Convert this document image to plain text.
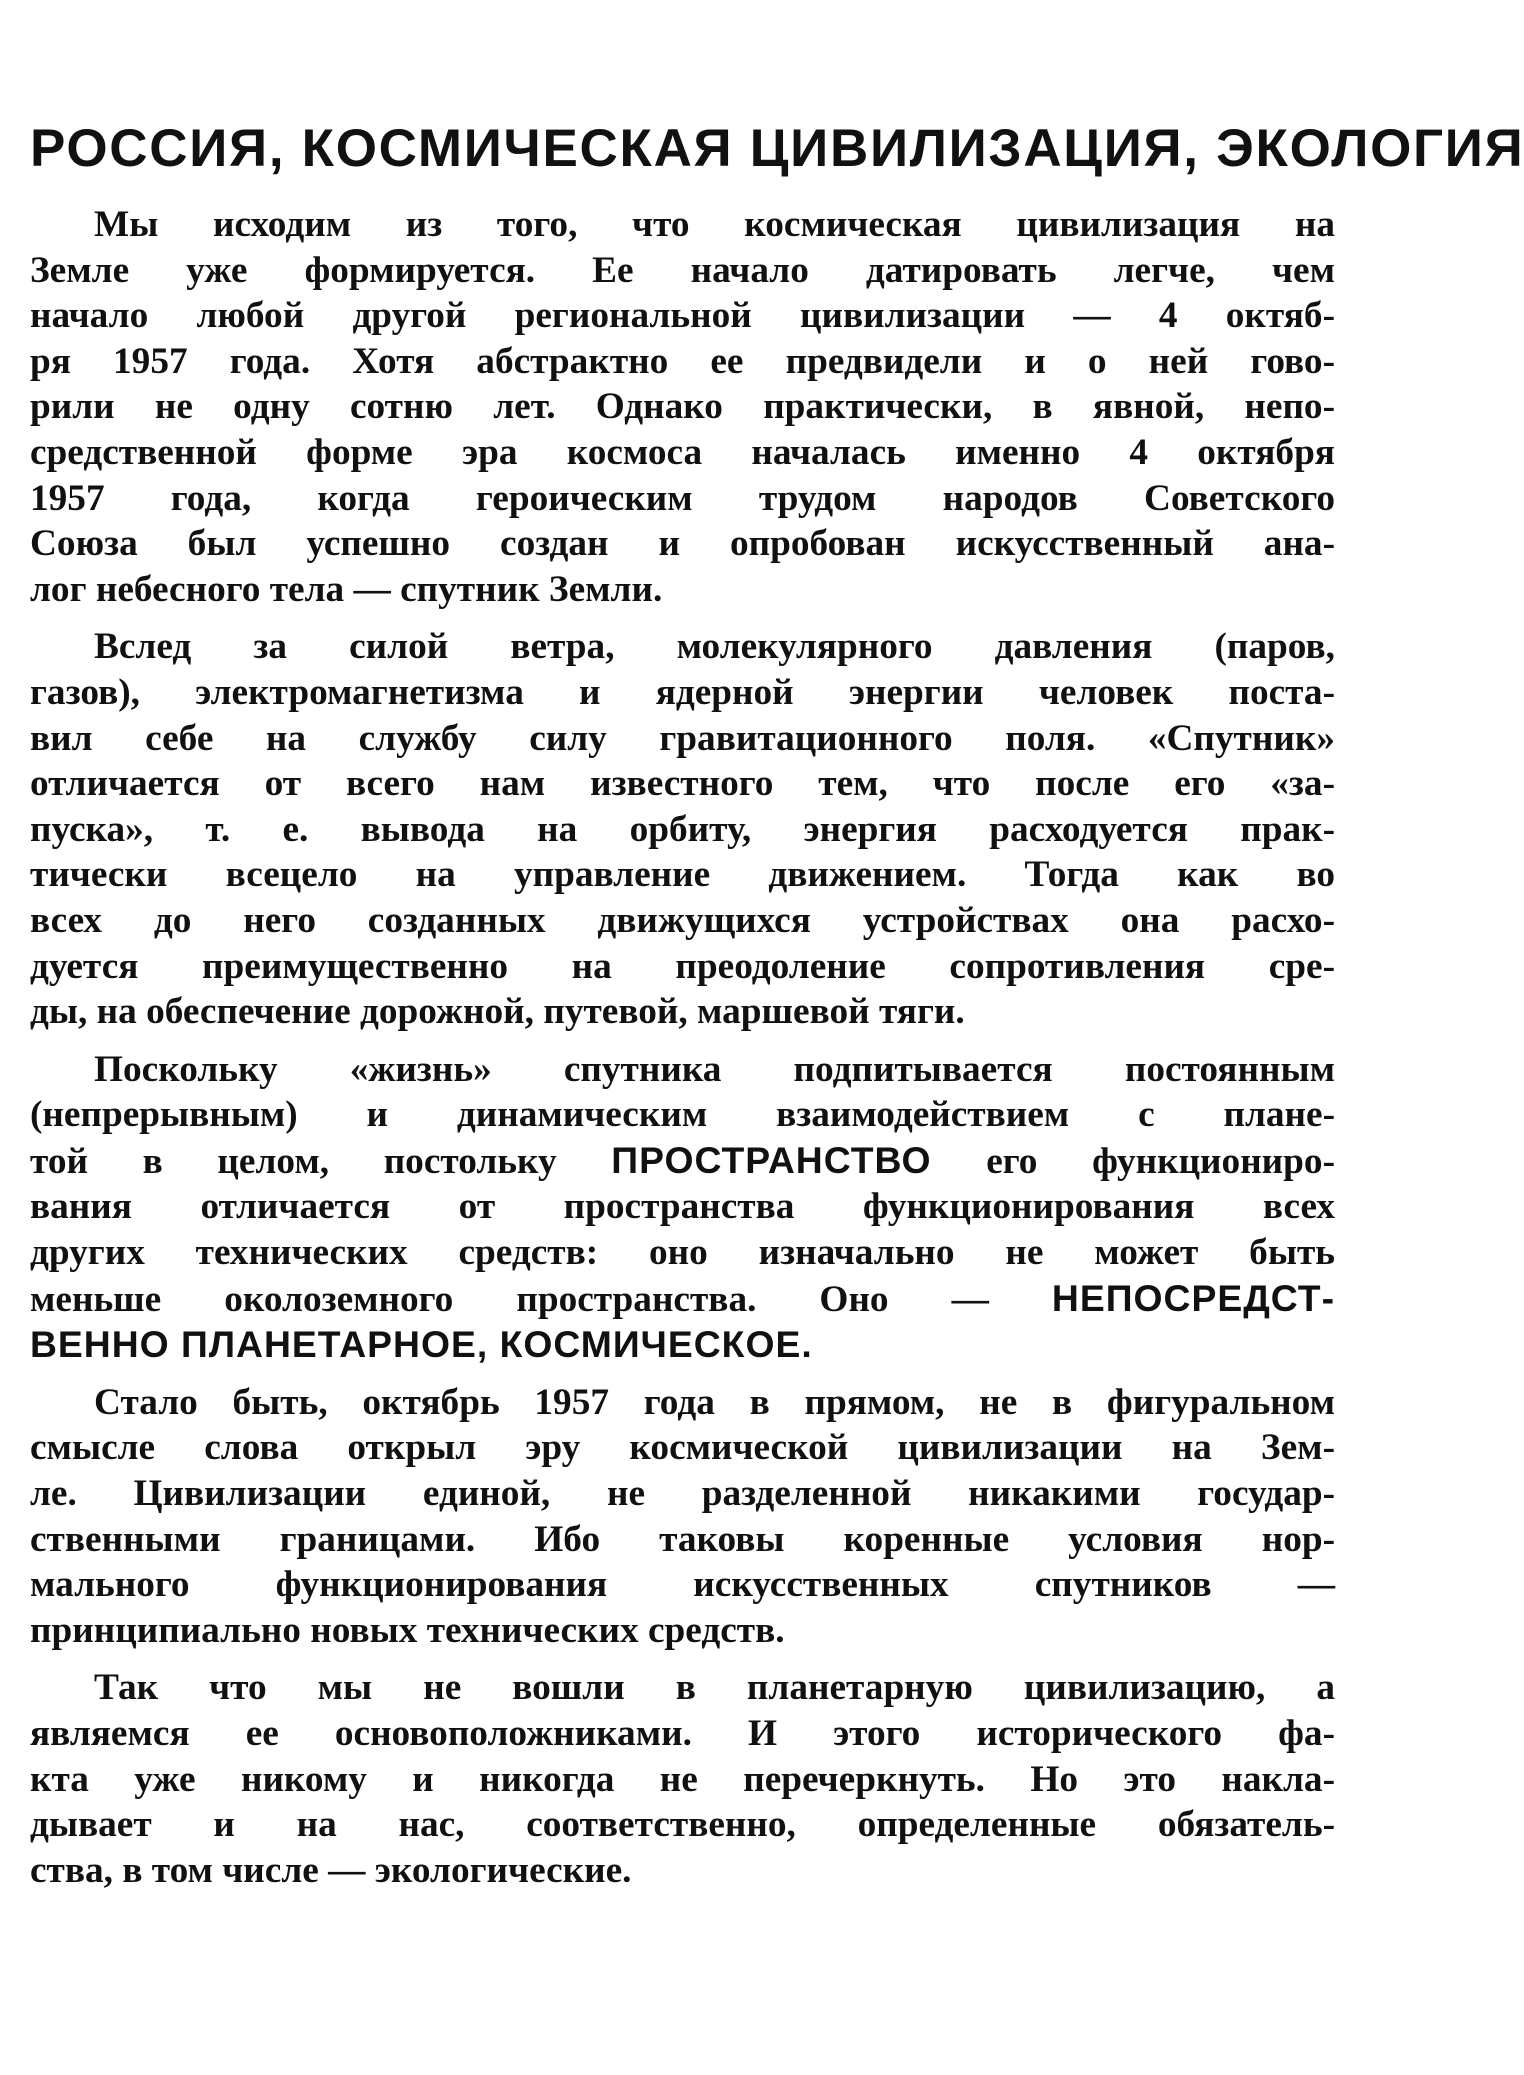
РОССИЯ, КОСМИЧЕСКАЯ ЦИВИЛИЗАЦИЯ, ЭКОЛОГИЯ
Мы исходим из того, что космическая цивилизация на
Земле уже формируется. Ее начало датировать легче, чем
начало любой другой региональной цивилизации — 4 октяб-
ря 1957 года. Хотя абстрактно ее предвидели и о ней гово-
рили не одну сотню лет. Однако практически, в явной, непо-
средственной форме эра космоса началась именно 4 октября
1957 года, когда героическим трудом народов Советского
Союза был успешно создан и опробован искусственный ана-
лог небесного тела — спутник Земли.
Вслед за силой ветра, молекулярного давления (паров,
газов), электромагнетизма и ядерной энергии человек поста-
вил себе на службу силу гравитационного поля. «Спутник»
отличается от всего нам известного тем, что после его «за-
пуска», т. е. вывода на орбиту, энергия расходуется прак-
тически всецело на управление движением. Тогда как во
всех до него созданных движущихся устройствах она расхо-
дуется преимущественно на преодоление сопротивления сре-
ды, на обеспечение дорожной, путевой, маршевой тяги.
Поскольку «жизнь» спутника подпитывается постоянным
(непрерывным) и динамическим взаимодействием с плане-
той в целом, постольку ПРОСТРАНСТВО его функциониро-
вания отличается от пространства функционирования всех
других технических средств: оно изначально не может быть
меньше околоземного пространства. Оно — НЕПОСРЕДСТ-
ВЕННО ПЛАНЕТАРНОЕ, КОСМИЧЕСКОЕ.
Стало быть, октябрь 1957 года в прямом, не в фигуральном
смысле слова открыл эру космической цивилизации на Зем-
ле. Цивилизации единой, не разделенной никакими государ-
ственными границами. Ибо таковы коренные условия нор-
мального функционирования искусственных спутников —
принципиально новых технических средств.
Так что мы не вошли в планетарную цивилизацию, а
являемся ее основоположниками. И этого исторического фа-
кта уже никому и никогда не перечеркнуть. Но это накла-
дывает и на нас, соответственно, определенные обязатель-
ства, в том числе — экологические.
